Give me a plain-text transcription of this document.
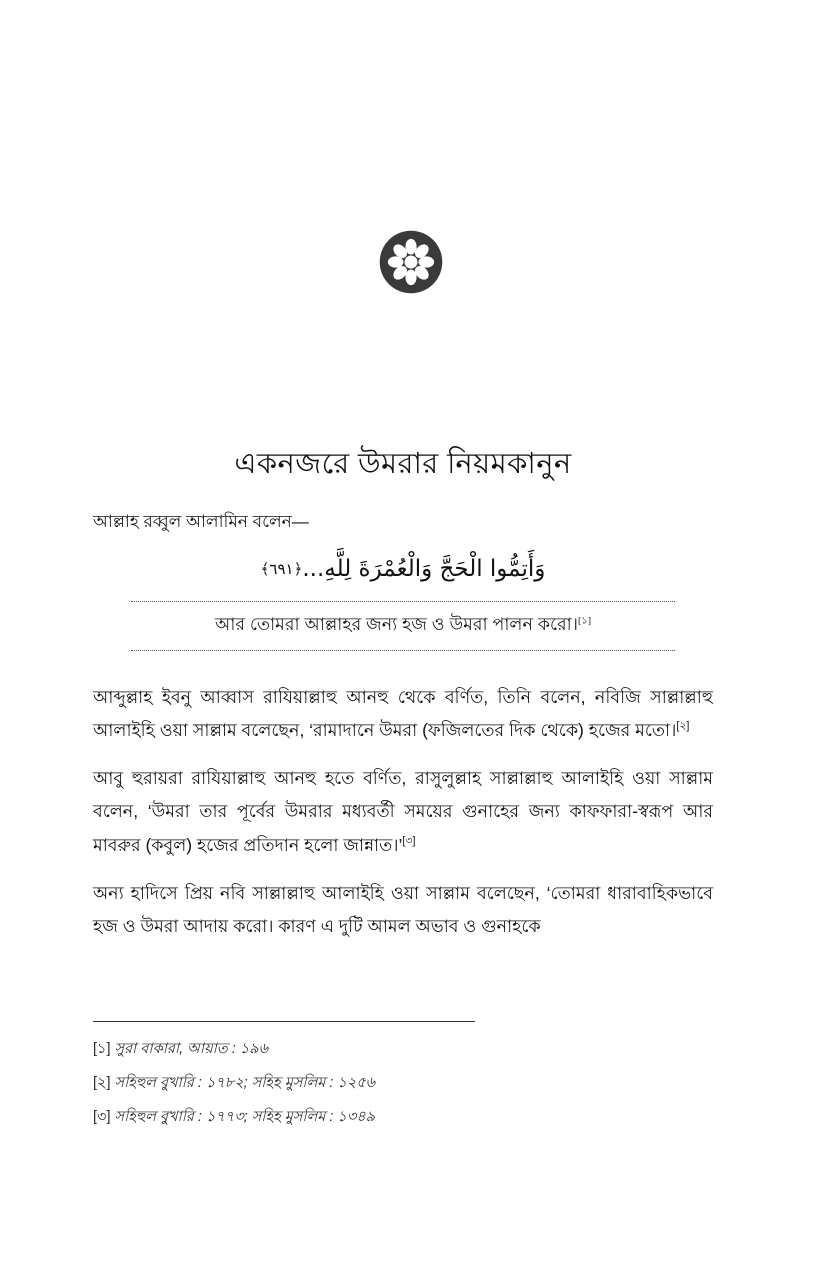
একনজরে উমরার নিয়মকানুন

আল্লাহ রব্বুল আলামিন বলেন—

وَأَتِمُّوا الْحَجَّ وَالْعُمْرَةَ لِلَّهِ...﴿١٩٦﴾
আর তোমরা আল্লাহর জন্য হজ ও উমরা পালন করো।[১]

আব্দুল্লাহ ইবনু আব্বাস রাযিয়াল্লাহু আনহু থেকে বর্ণিত, তিনি বলেন, নবিজি সাল্লাল্লাহু আলাইহি ওয়া সাল্লাম বলেছেন, ‘রামাদানে উমরা (ফজিলতের দিক থেকে) হজের মতো।[২]

আবু হুরায়রা রাযিয়াল্লাহু আনহু হতে বর্ণিত, রাসুলুল্লাহ সাল্লাল্লাহু আলাইহি ওয়া সাল্লাম বলেন, ‘উমরা তার পূর্বের উমরার মধ্যবর্তী সময়ের গুনাহের জন্য কাফফারা-স্বরূপ আর মাবরুর (কবুল) হজের প্রতিদান হলো জান্নাত।’[৩]

অন্য হাদিসে প্রিয় নবি সাল্লাল্লাহু আলাইহি ওয়া সাল্লাম বলেছেন, ‘তোমরা ধারাবাহিকভাবে হজ ও উমরা আদায় করো। কারণ এ দুটি আমল অভাব ও গুনাহকে

[১] সুরা বাকারা, আয়াত : ১৯৬

[২] সহিহুল বুখারি : ১৭৮২; সহিহ মুসলিম : ১২৫৬

[৩] সহিহুল বুখারি : ১৭৭৩; সহিহ মুসলিম : ১৩৪৯
